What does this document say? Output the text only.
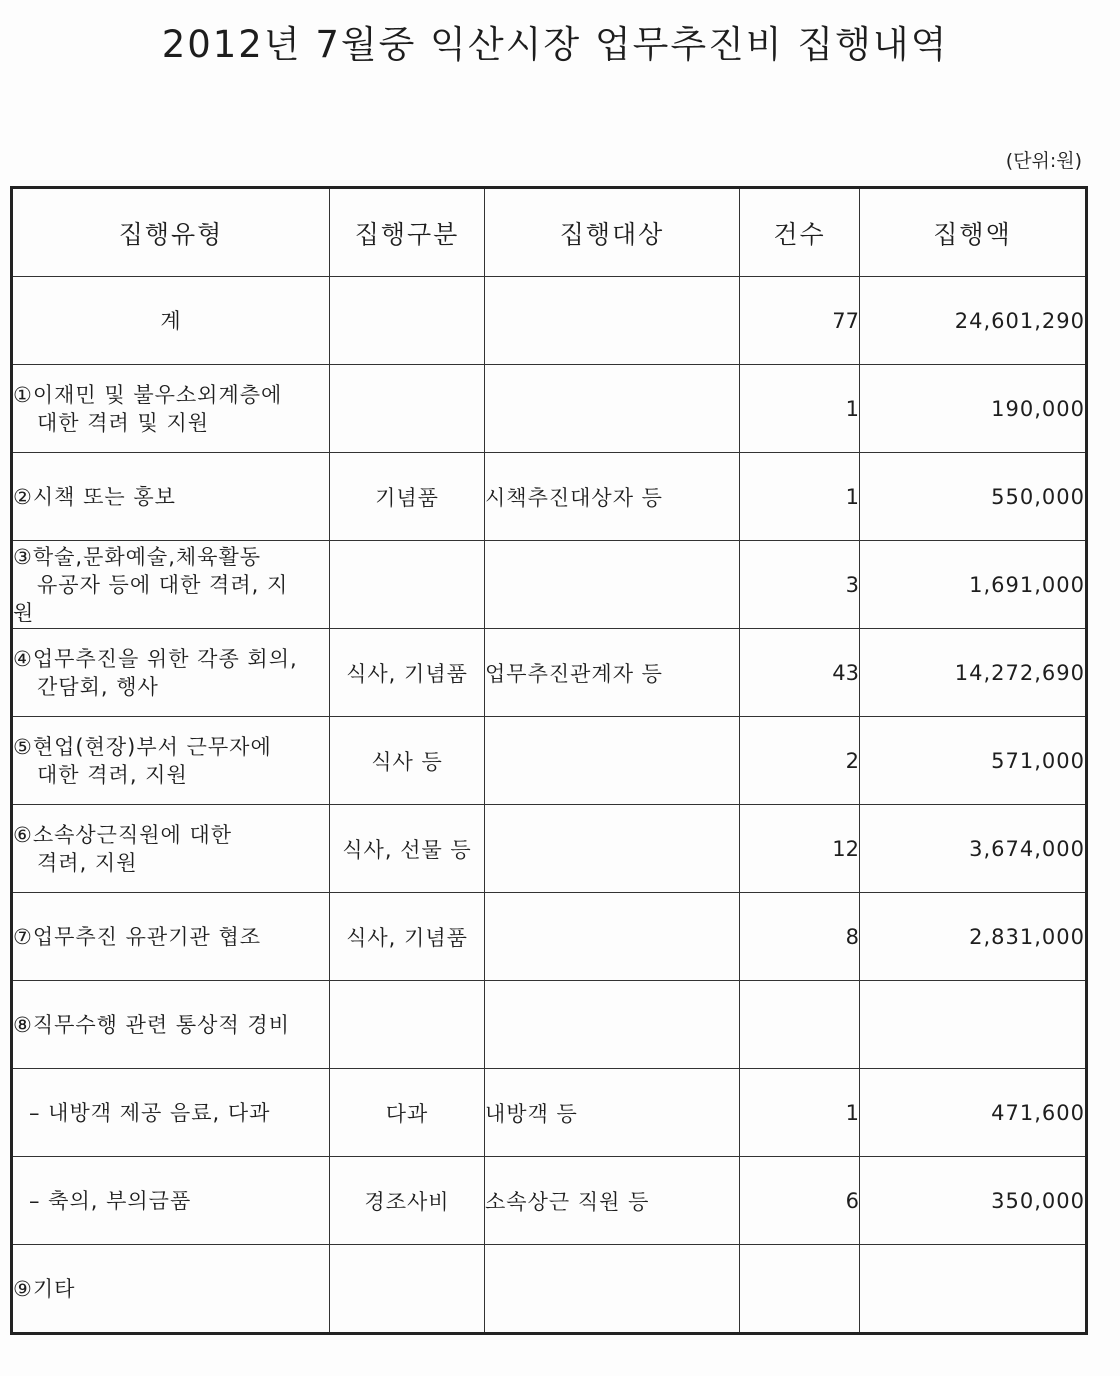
2012년 7월중 익산시장 업무추진비 집행내역
(단위:원)
집행유형	집행구분	집행대상	건수	집행액
계			77	24,601,290

①이재민 및 불우소외계층에
대한 격려 및 지원			1	190,000

②시책 또는 홍보	기념품	시책추진대상자 등	1	550,000

③학술,문화예술,체육활동
유공자 등에 대한 격려, 지
원			3	1,691,000

④업무추진을 위한 각종 회의,
간담회, 행사	식사, 기념품	업무추진관계자 등	43	14,272,690

⑤현업(현장)부서 근무자에
대한 격려, 지원	식사 등		2	571,000

⑥소속상근직원에 대한
격려, 지원	식사, 선물 등		12	3,674,000

⑦업무추진 유관기관 협조	식사, 기념품		8	2,831,000

⑧직무수행 관련 통상적 경비				

– 내방객 제공 음료, 다과	다과	내방객 등	1	471,600

– 축의, 부의금품	경조사비	소속상근 직원 등	6	350,000

⑨기타				
